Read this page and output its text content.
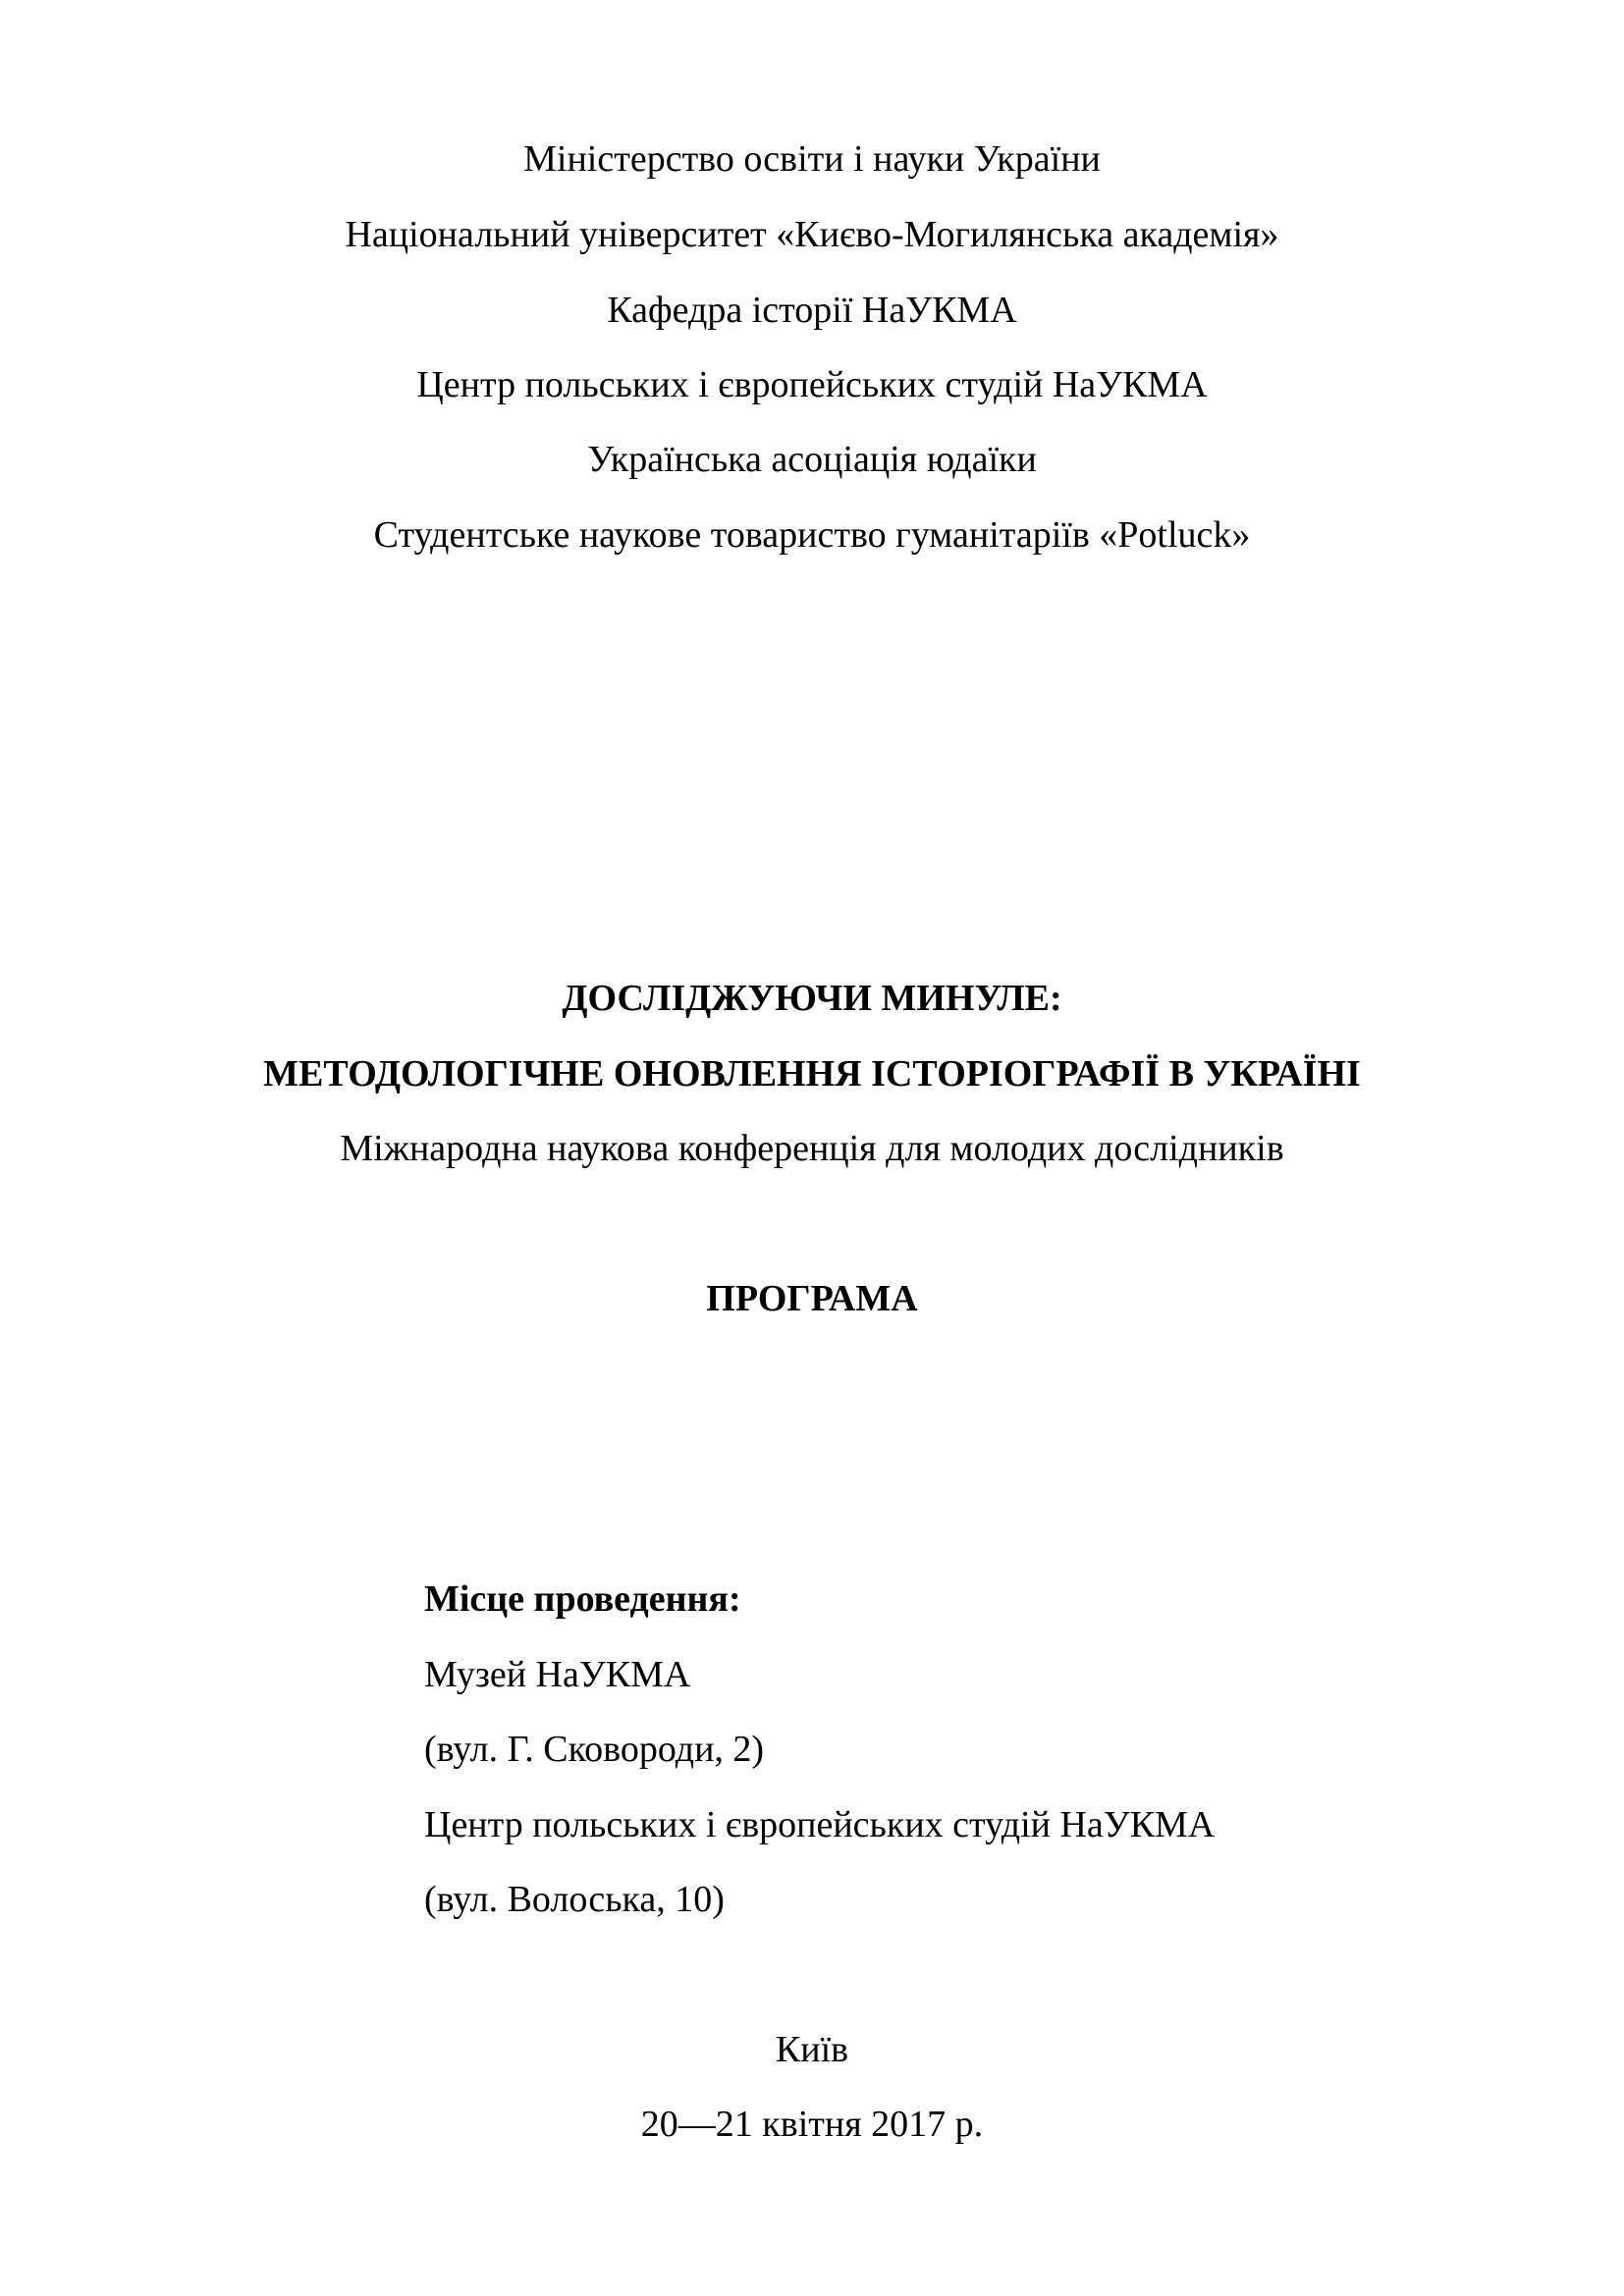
Міністерство освіти і науки України
Національний університет «Києво-Могилянська академія»
Кафедра історії НаУКМА
Центр польських і європейських студій НаУКМА
Українська асоціація юдаїки
Студентське наукове товариство гуманітаріїв «Potluck»
ДОСЛІДЖУЮЧИ МИНУЛЕ:
МЕТОДОЛОГІЧНЕ ОНОВЛЕННЯ ІСТОРІОГРАФІЇ В УКРАЇНІ
Міжнародна наукова конференція для молодих дослідників
ПРОГРАМА
Місце проведення:
Музей НаУКМА
(вул. Г. Сковороди, 2)
Центр польських і європейських студій НаУКМА
(вул. Волоська, 10)
Київ
20—21 квітня 2017 р.
